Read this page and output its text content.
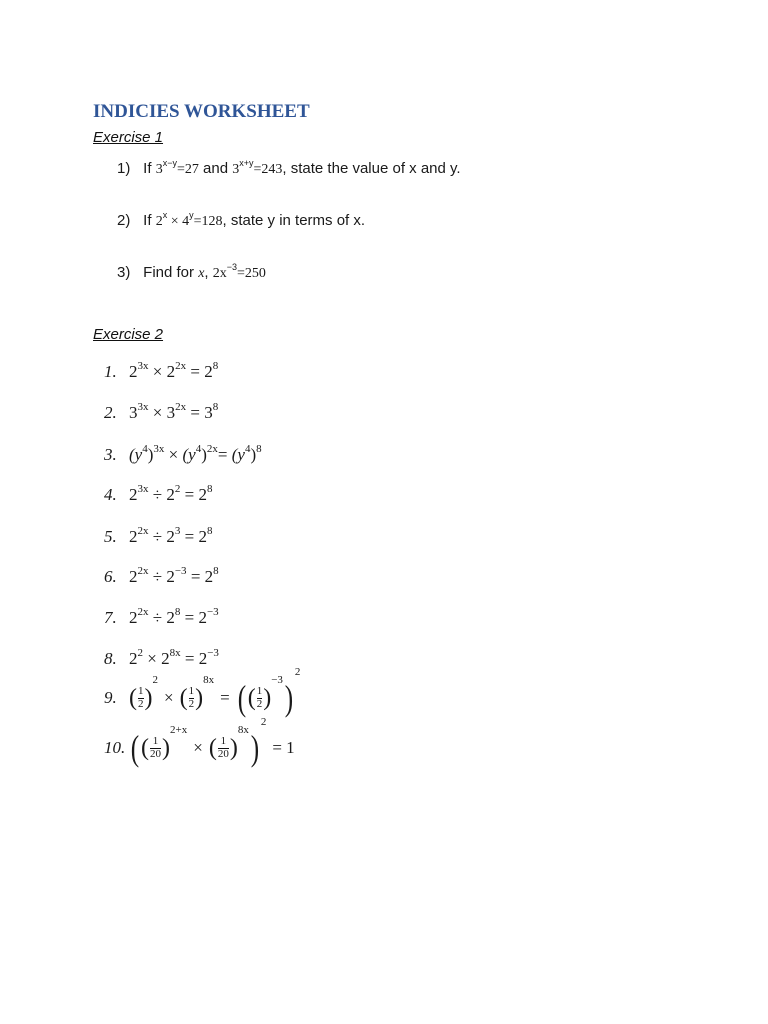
INDICIES WORKSHEET
Exercise 1
1) If $3^{x-y}=27$ and $3^{x+y}=243$, state the value of x and y.
2) If $2^x \times 4^y=128$, state y in terms of x.
3) Find for x, $2x^{-3}=250$
Exercise 2
1. $2^{3x} \times 2^{2x} = 2^8$
2. $3^{3x} \times 3^{2x} = 3^8$
3. $(y^4)^{3x} \times (y^4)^{2x}= (y^4)^8$
4. $2^{3x} \div 2^2 = 2^8$
5. $2^{2x} \div 2^3 = 2^8$
6. $2^{2x} \div 2^{-3} = 2^8$
7. $2^{2x} \div 2^8 = 2^{-3}$
8. $2^2 \times 2^{8x} = 2^{-3}$
9. ( $\frac{1}{2}$ )
2
× ( $\frac{1}{2}$ )
8x
= ( ( $\frac{1}{2}$ )
−3 )
2
10. ( ( $\frac{1}{20}$ )
2+x
× ( $\frac{1}{20}$ )
8x )
2
= 1
